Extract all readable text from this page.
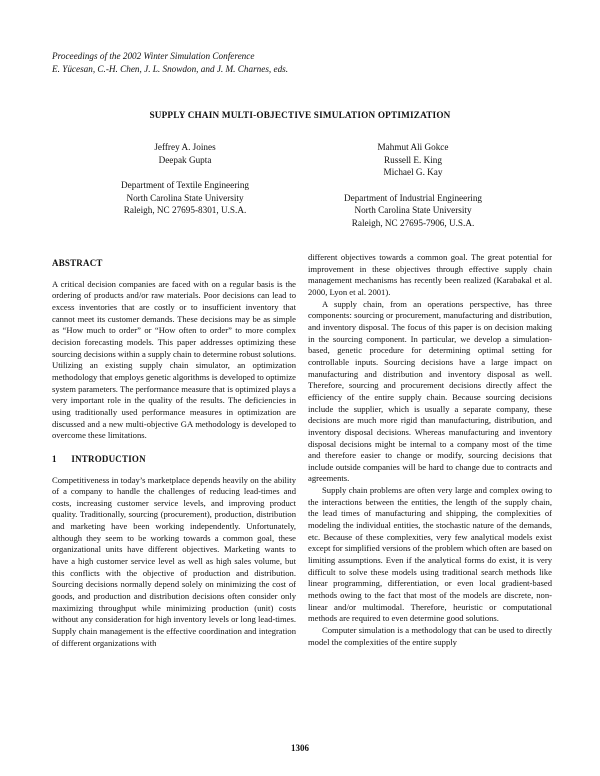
Proceedings of the 2002 Winter Simulation Conference
E. Yücesan, C.-H. Chen, J. L. Snowdon, and J. M. Charnes, eds.
SUPPLY CHAIN MULTI-OBJECTIVE SIMULATION OPTIMIZATION
Jeffrey A. Joines
Deepak Gupta
Department of Textile Engineering
North Carolina State University
Raleigh, NC 27695-8301, U.S.A.
Mahmut Ali Gokce
Russell E. King
Michael G. Kay
Department of Industrial Engineering
North Carolina State University
Raleigh, NC 27695-7906, U.S.A.
ABSTRACT

A critical decision companies are faced with on a regular basis is the ordering of products and/or raw materials. Poor decisions can lead to excess inventories that are costly or to insufficient inventory that cannot meet its customer demands. These decisions may be as simple as “How much to order” or “How often to order” to more complex decision forecasting models. This paper addresses optimizing these sourcing decisions within a supply chain to determine robust solutions. Utilizing an existing supply chain simulator, an optimization methodology that employs genetic algorithms is developed to optimize system parameters. The performance measure that is optimized plays a very important role in the quality of the results. The deficiencies in using traditionally used performance measures in optimization are discussed and a new multi-objective GA methodology is developed to overcome these limitations.

1      INTRODUCTION

Competitiveness in today’s marketplace depends heavily on the ability of a company to handle the challenges of reducing lead-times and costs, increasing customer service levels, and improving product quality. Traditionally, sourcing (procurement), production, distribution and marketing have been working independently. Unfortunately, although they seem to be working towards a common goal, these organizational units have different objectives. Marketing wants to have a high customer service level as well as high sales volume, but this conflicts with the objective of production and distribution. Sourcing decisions normally depend solely on minimizing the cost of goods, and production and distribution decisions often consider only maximizing throughput while minimizing production (unit) costs without any consideration for high inventory levels or long lead-times. Supply chain management is the effective coordination and integration of different organizations with

different objectives towards a common goal. The great potential for improvement in these objectives through effective supply chain management mechanisms has recently been realized (Karabakal et al. 2000, Lyon et al. 2001).

A supply chain, from an operations perspective, has three components: sourcing or procurement, manufacturing and distribution, and inventory disposal. The focus of this paper is on decision making in the sourcing component. In particular, we develop a simulation-based, genetic procedure for determining optimal setting for controllable inputs. Sourcing decisions have a large impact on manufacturing and distribution and inventory disposal as well. Therefore, sourcing and procurement decisions directly affect the efficiency of the entire supply chain. Because sourcing decisions include the supplier, which is usually a separate company, these decisions are much more rigid than manufacturing, distribution, and inventory disposal decisions. Whereas manufacturing and inventory disposal decisions might be internal to a company most of the time and therefore easier to change or modify, sourcing decisions that include outside companies will be hard to change due to contracts and agreements.

Supply chain problems are often very large and complex owing to the interactions between the entities, the length of the supply chain, the lead times of manufacturing and shipping, the complexities of modeling the individual entities, the stochastic nature of the demands, etc. Because of these complexities, very few analytical models exist except for simplified versions of the problem which often are based on limiting assumptions. Even if the analytical forms do exist, it is very difficult to solve these models using traditional search methods like linear programming, differentiation, or even local gradient-based methods owing to the fact that most of the models are discrete, non-linear and/or multimodal. Therefore, heuristic or computational methods are required to even determine good solutions.

Computer simulation is a methodology that can be used to directly model the complexities of the entire supply

1306
